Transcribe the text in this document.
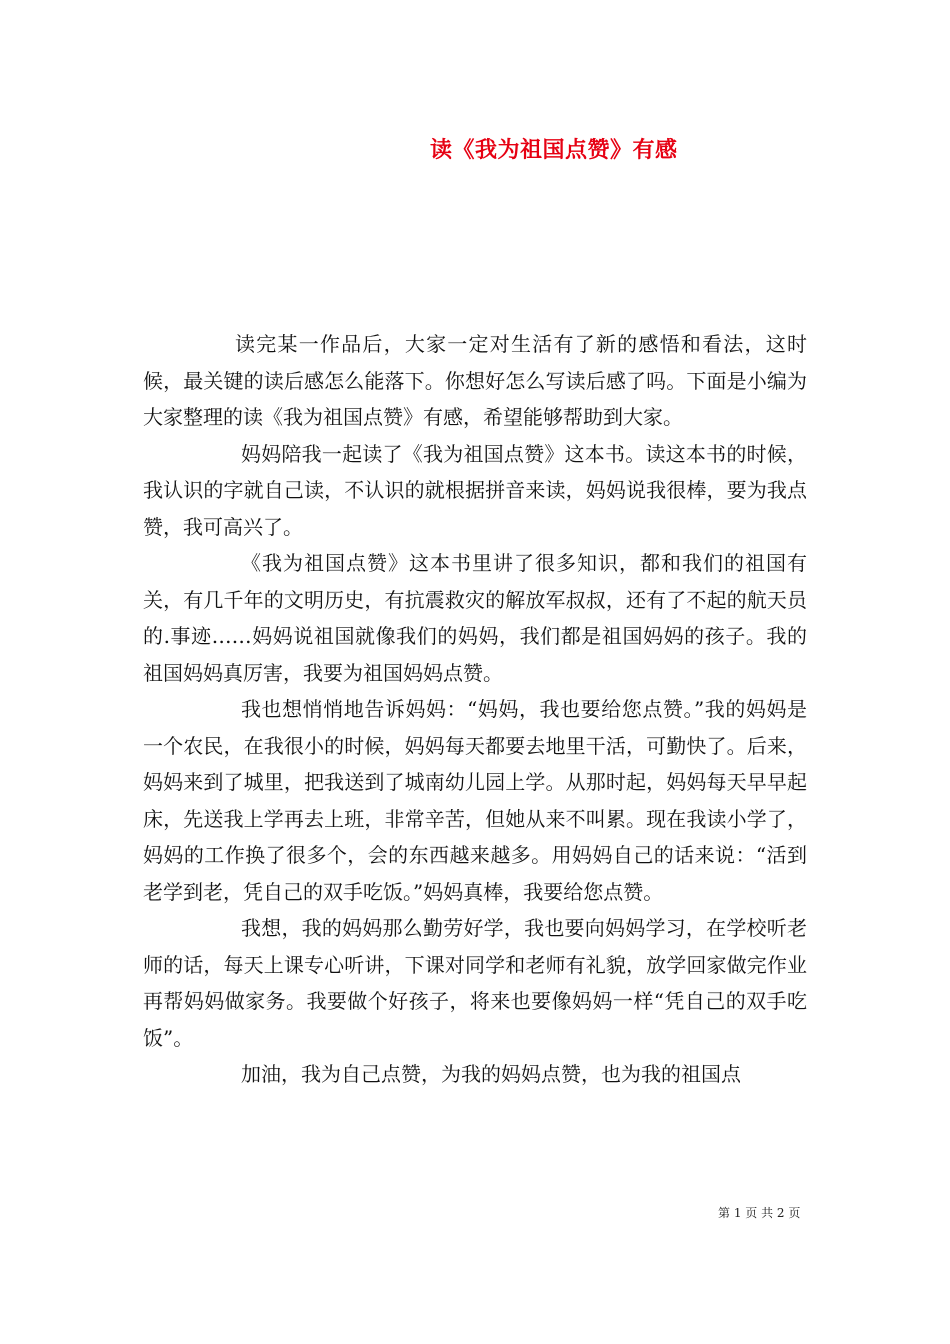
读《我为祖国点赞》有感

读完某一作品后，大家一定对生活有了新的感悟和看法，这时候，最关键的读后感怎么能落下。你想好怎么写读后感了吗。下面是小编为大家整理的读《我为祖国点赞》有感，希望能够帮助到大家。

妈妈陪我一起读了《我为祖国点赞》这本书。读这本书的时候，我认识的字就自己读，不认识的就根据拼音来读，妈妈说我很棒，要为我点赞，我可高兴了。

《我为祖国点赞》这本书里讲了很多知识，都和我们的祖国有关，有几千年的文明历史，有抗震救灾的解放军叔叔，还有了不起的航天员的.事迹……妈妈说祖国就像我们的妈妈，我们都是祖国妈妈的孩子。我的祖国妈妈真厉害，我要为祖国妈妈点赞。

我也想悄悄地告诉妈妈：“妈妈，我也要给您点赞。”我的妈妈是一个农民，在我很小的时候，妈妈每天都要去地里干活，可勤快了。后来，妈妈来到了城里，把我送到了城南幼儿园上学。从那时起，妈妈每天早早起床，先送我上学再去上班，非常辛苦，但她从来不叫累。现在我读小学了，妈妈的工作换了很多个，会的东西越来越多。用妈妈自己的话来说：“活到老学到老，凭自己的双手吃饭。”妈妈真棒，我要给您点赞。

我想，我的妈妈那么勤劳好学，我也要向妈妈学习，在学校听老师的话，每天上课专心听讲，下课对同学和老师有礼貌，放学回家做完作业再帮妈妈做家务。我要做个好孩子，将来也要像妈妈一样“凭自己的双手吃饭”。

加油，我为自己点赞，为我的妈妈点赞，也为我的祖国点

第 1 页 共 2 页
